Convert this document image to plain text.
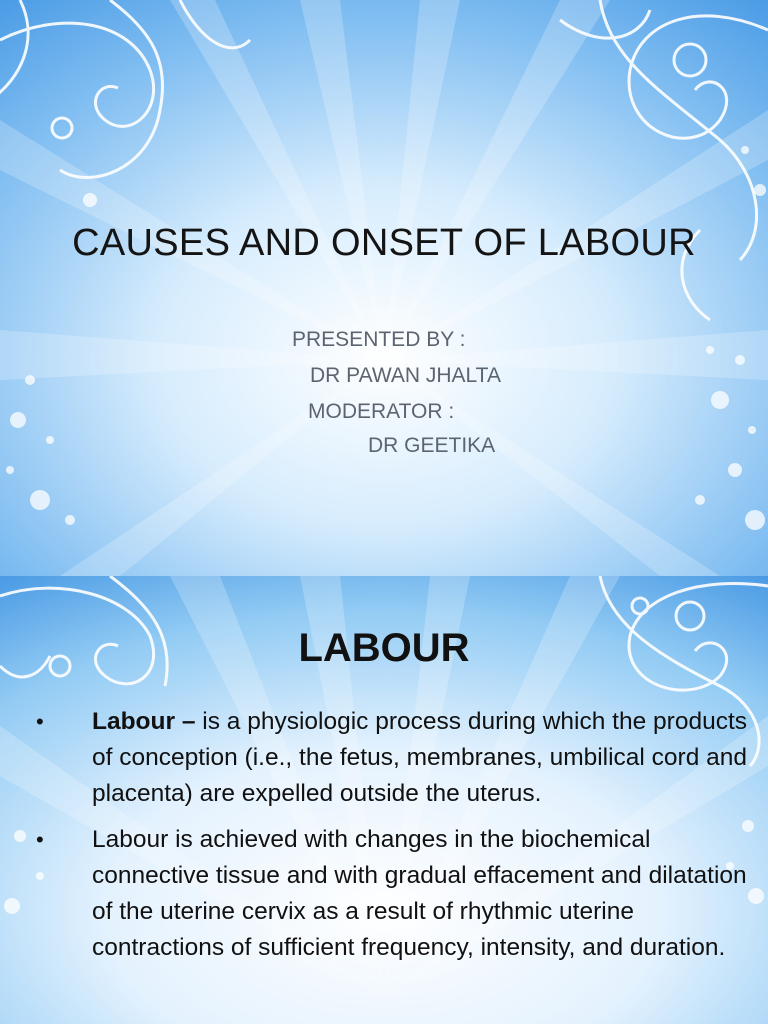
CAUSES AND ONSET OF LABOUR
PRESENTED BY :
DR PAWAN JHALTA
MODERATOR :
DR GEETIKA
LABOUR
• Labour – is a physiologic process during which the products of conception (i.e., the fetus, membranes, umbilical cord and placenta) are expelled outside the uterus.
• Labour is achieved with changes in the biochemical connective tissue and with gradual effacement and dilatation of the uterine cervix as a result of rhythmic uterine contractions of sufficient frequency, intensity, and duration.
